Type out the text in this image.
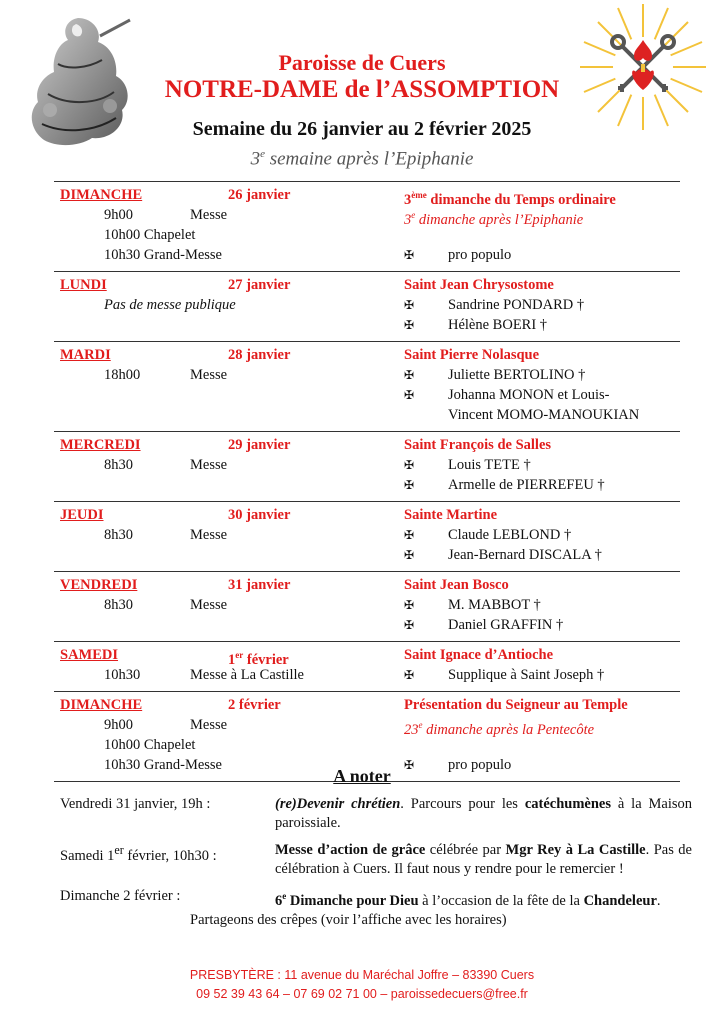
Paroisse de Cuers
NOTRE-DAME de l’ASSOMPTION
Semaine du 26 janvier au 2 février 2025
3e semaine après l’Epiphanie
DIMANCHE	26 janvier	3ème dimanche du Temps ordinaire
9h00	Messe	3e dimanche après l’Epiphanie
10h00 Chapelet
10h30 Grand-Messe	✠ pro populo
LUNDI	27 janvier	Saint Jean Chrysostome
Pas de messe publique	✠ Sandrine PONDARD †
✠ Hélène BOERI †
MARDI	28 janvier	Saint Pierre Nolasque
18h00	Messe	✠ Juliette BERTOLINO †
✠ Johanna MONON et Louis-
Vincent MOMO-MANOUKIAN
MERCREDI	29 janvier	Saint François de Salles
8h30	Messe	✠ Louis TETE †
✠ Armelle de PIERREFEU †
JEUDI	30 janvier	Sainte Martine
8h30	Messe	✠ Claude LEBLOND †
✠ Jean-Bernard DISCALA †
VENDREDI	31 janvier	Saint Jean Bosco
8h30	Messe	✠ M. MABBOT †
✠ Daniel GRAFFIN †
SAMEDI	1er février	Saint Ignace d’Antioche
10h30	Messe à La Castille	✠ Supplique à Saint Joseph †
DIMANCHE	2 février	Présentation du Seigneur au Temple
9h00	Messe	23e dimanche après la Pentecôte
10h00 Chapelet
10h30 Grand-Messe	✠ pro populo
A noter
Vendredi 31 janvier, 19h :	(re)Devenir chrétien. Parcours pour les catéchumènes à la Maison paroissiale.
Samedi 1er février, 10h30 :	Messe d’action de grâce célébrée par Mgr Rey à La Castille. Pas de célébration à Cuers. Il faut nous y rendre pour le remercier !
Dimanche 2 février :	6e Dimanche pour Dieu à l’occasion de la fête de la Chandeleur.
Partageons des crêpes (voir l’affiche avec les horaires)
PRESBYTÈRE : 11 avenue du Maréchal Joffre – 83390 Cuers
09 52 39 43 64 – 07 69 02 71 00 – paroissedecuers@free.fr
